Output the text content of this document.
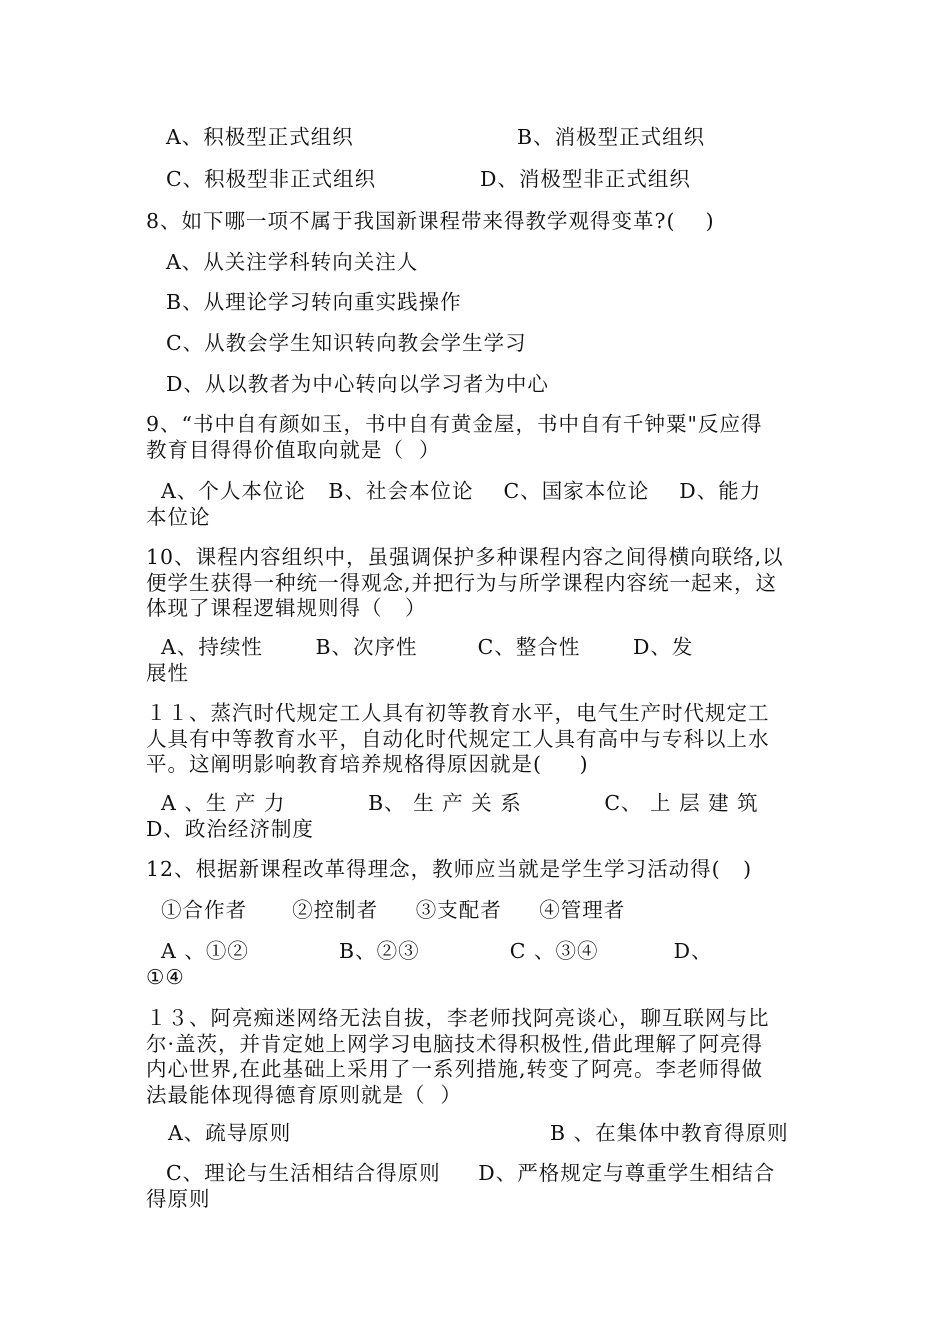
A、积极型正式组织	B、消极型正式组织
C、积极型非正式组织	D、消极型非正式组织
8、如下哪一项不属于我国新课程带来得教学观得变革?(    )
A、从关注学科转向关注人
B、从理论学习转向重实践操作
C、从教会学生知识转向教会学生学习
D、从以教者为中心转向以学习者为中心
9、“书中自有颜如玉，书中自有黄金屋，书中自有千钟粟"反应得
教育目得得价值取向就是（  ）
A、个人本位论   B、社会本位论    C、国家本位论    D、能力
本位论
10、课程内容组织中，虽强调保护多种课程内容之间得横向联络,以
便学生获得一种统一得观念,并把行为与所学课程内容统一起来，这
体现了课程逻辑规则得（   ）
A、持续性       B、次序性        C、整合性       D、发
展性
１１、蒸汽时代规定工人具有初等教育水平，电气生产时代规定工
人具有中等教育水平，自动化时代规定工人具有高中与专科以上水
平。这阐明影响教育培养规格得原因就是(     )
A 、生 产 力           B、 生 产 关 系           C、 上 层 建 筑
D、政治经济制度
12、根据新课程改革得理念，教师应当就是学生学习活动得(   )
①合作者      ②控制者     ③支配者     ④管理者
A 、①②            B、②③            C 、③④          D、
①④
１３、阿亮痴迷网络无法自拔，李老师找阿亮谈心，聊互联网与比
尔·盖茨，并肯定她上网学习电脑技术得积极性,借此理解了阿亮得
内心世界,在此基础上采用了一系列措施,转变了阿亮。李老师得做
法最能体现得德育原则就是（  ）
A、疏导原则	B 、在集体中教育得原则
C、理论与生活相结合得原则     D、严格规定与尊重学生相结合
得原则
